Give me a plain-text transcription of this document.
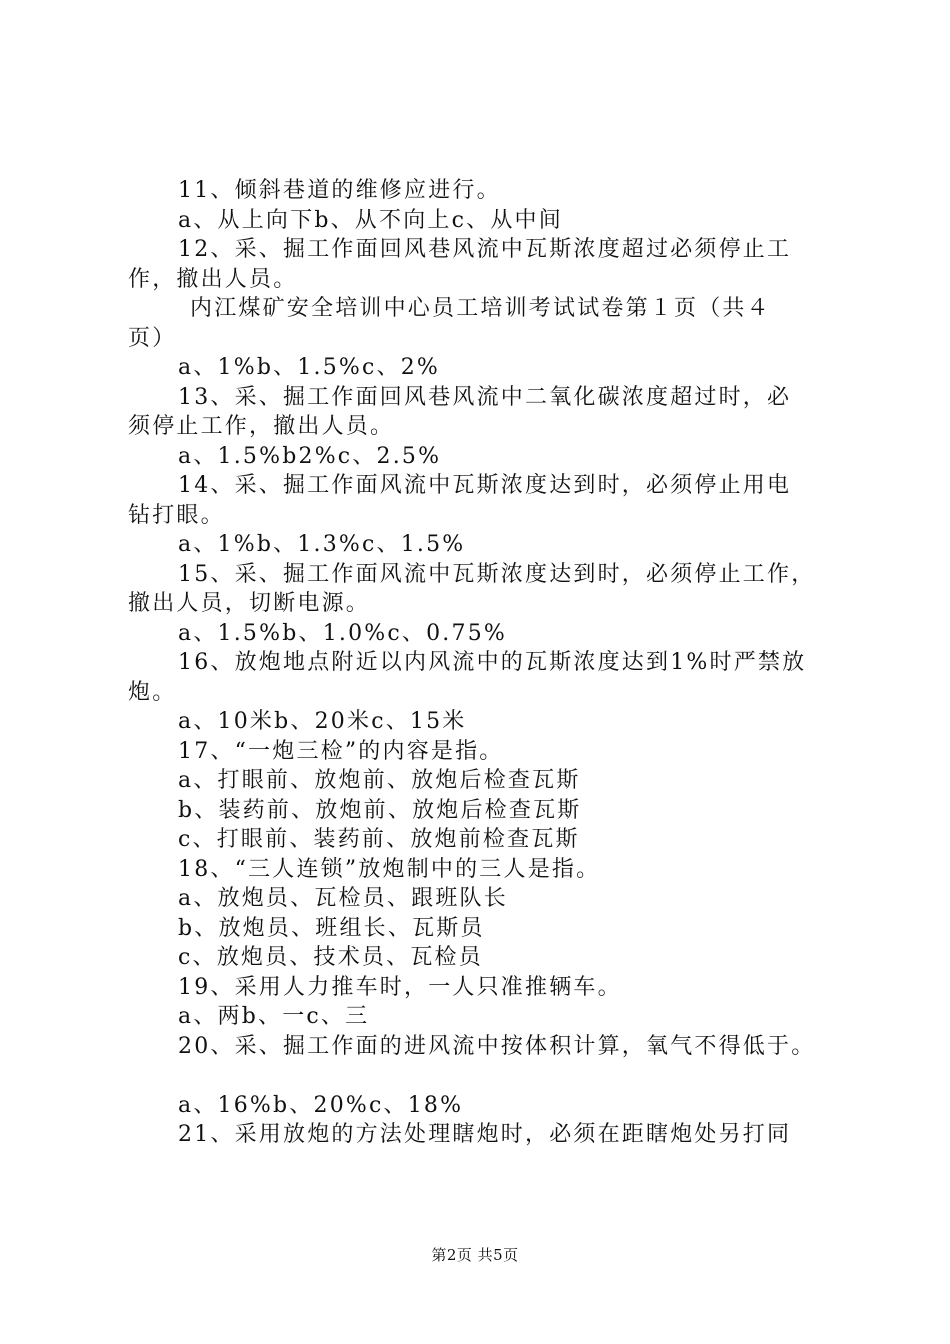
11、倾斜巷道的维修应进行。

a、从上向下b、从不向上c、从中间

12、采、掘工作面回风巷风流中瓦斯浓度超过必须停止工

作，撤出人员。

内江煤矿安全培训中心员工培训考试试卷第１页（共４

页）

a、1%b、1.5%c、2%

13、采、掘工作面回风巷风流中二氧化碳浓度超过时，必

须停止工作，撤出人员。

a、1.5%b2%c、2.5%

14、采、掘工作面风流中瓦斯浓度达到时，必须停止用电

钻打眼。

a、1%b、1.3%c、1.5%

15、采、掘工作面风流中瓦斯浓度达到时，必须停止工作，

撤出人员，切断电源。

a、1.5%b、1.0%c、0.75%

16、放炮地点附近以内风流中的瓦斯浓度达到1%时严禁放

炮。

a、10米b、20米c、15米

17、“一炮三检”的内容是指。

a、打眼前、放炮前、放炮后检查瓦斯

b、装药前、放炮前、放炮后检查瓦斯

c、打眼前、装药前、放炮前检查瓦斯

18、“三人连锁”放炮制中的三人是指。

a、放炮员、瓦检员、跟班队长

b、放炮员、班组长、瓦斯员

c、放炮员、技术员、瓦检员

19、采用人力推车时，一人只准推辆车。

a、两b、一c、三

20、采、掘工作面的进风流中按体积计算，氧气不得低于。

a、16%b、20%c、18%

21、采用放炮的方法处理瞎炮时，必须在距瞎炮处另打同

第2页 共5页
